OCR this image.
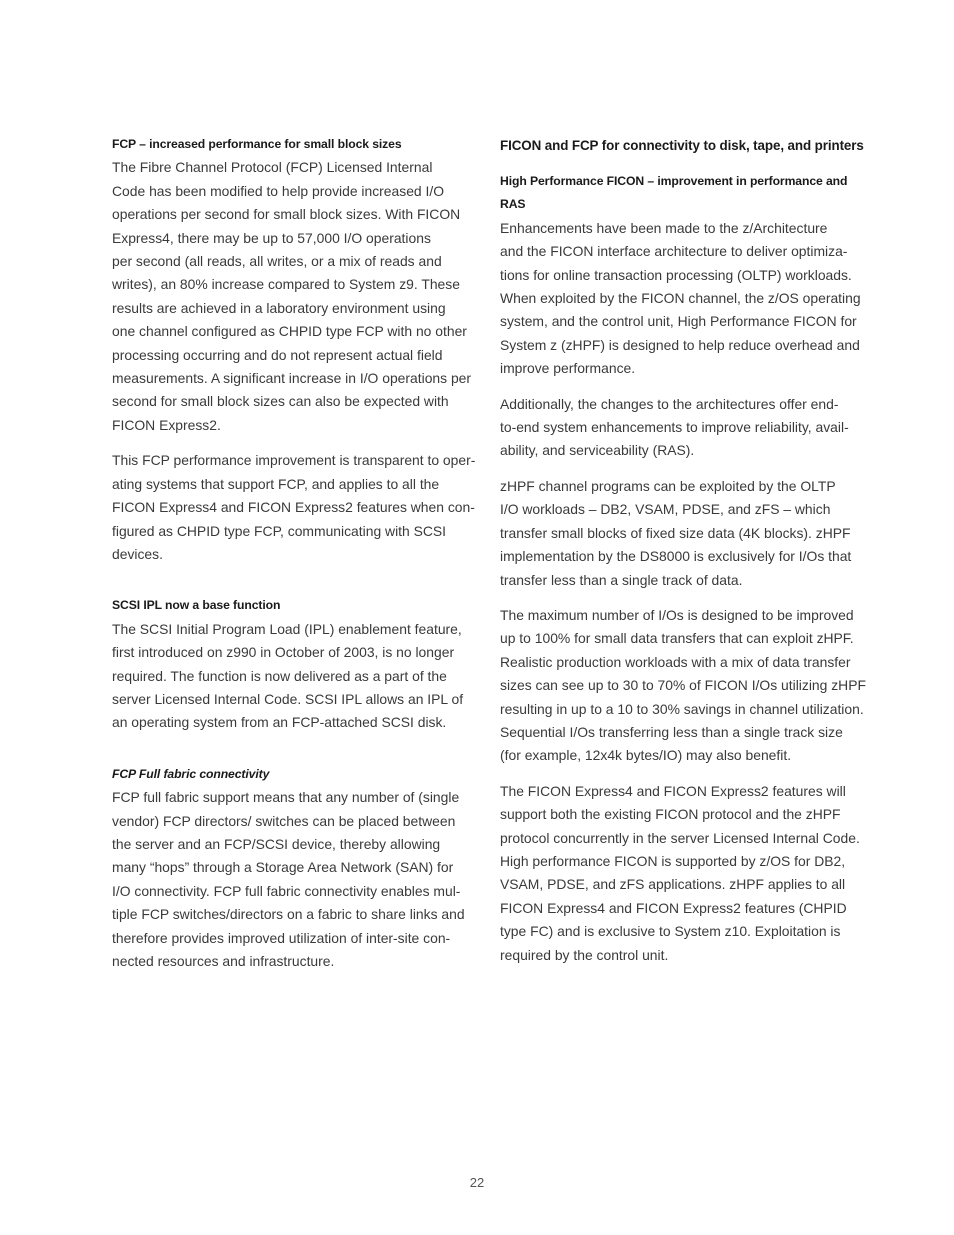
FCP – increased performance for small block sizes

The Fibre Channel Protocol (FCP) Licensed Internal
Code has been modified to help provide increased I/O
operations per second for small block sizes. With FICON
Express4, there may be up to 57,000 I/O operations
per second (all reads, all writes, or a mix of reads and
writes), an 80% increase compared to System z9. These
results are achieved in a laboratory environment using
one channel configured as CHPID type FCP with no other
processing occurring and do not represent actual field
measurements. A significant increase in I/O operations per
second for small block sizes can also be expected with
FICON Express2.

This FCP performance improvement is transparent to oper-
ating systems that support FCP, and applies to all the
FICON Express4 and FICON Express2 features when con-
figured as CHPID type FCP, communicating with SCSI
devices.

SCSI IPL now a base function

The SCSI Initial Program Load (IPL) enablement feature,
first introduced on z990 in October of 2003, is no longer
required. The function is now delivered as a part of the
server Licensed Internal Code. SCSI IPL allows an IPL of
an operating system from an FCP-attached SCSI disk.

FCP Full fabric connectivity

FCP full fabric support means that any number of (single
vendor) FCP directors/ switches can be placed between
the server and an FCP/SCSI device, thereby allowing
many “hops” through a Storage Area Network (SAN) for
I/O connectivity. FCP full fabric connectivity enables mul-
tiple FCP switches/directors on a fabric to share links and
therefore provides improved utilization of inter-site con-
nected resources and infrastructure.

FICON and FCP for connectivity to disk, tape, and printers
High Performance FICON – improvement in performance and
RAS

Enhancements have been made to the z/Architecture
and the FICON interface architecture to deliver optimiza-
tions for online transaction processing (OLTP) workloads.
When exploited by the FICON channel, the z/OS operating
system, and the control unit, High Performance FICON for
System z (zHPF) is designed to help reduce overhead and
improve performance.

Additionally, the changes to the architectures offer end-
to-end system enhancements to improve reliability, avail-
ability, and serviceability (RAS).

zHPF channel programs can be exploited by the OLTP
I/O workloads – DB2, VSAM, PDSE, and zFS – which
transfer small blocks of fixed size data (4K blocks). zHPF
implementation by the DS8000 is exclusively for I/Os that
transfer less than a single track of data.

The maximum number of I/Os is designed to be improved
up to 100% for small data transfers that can exploit zHPF.
Realistic production workloads with a mix of data transfer
sizes can see up to 30 to 70% of FICON I/Os utilizing zHPF
resulting in up to a 10 to 30% savings in channel utilization.
Sequential I/Os transferring less than a single track size
(for example, 12x4k bytes/IO) may also benefit.

The FICON Express4 and FICON Express2 features will
support both the existing FICON protocol and the zHPF
protocol concurrently in the server Licensed Internal Code.
High performance FICON is supported by z/OS for DB2,
VSAM, PDSE, and zFS applications. zHPF applies to all
FICON Express4 and FICON Express2 features (CHPID
type FC) and is exclusive to System z10. Exploitation is
required by the control unit.

22
